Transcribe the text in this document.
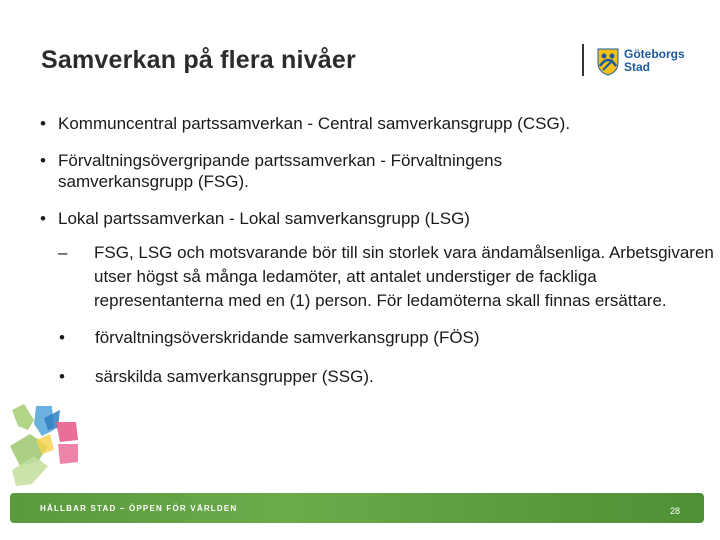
Samverkan på flera nivåer	Göteborgs
Stad
• Kommuncentral partssamverkan - Central samverkansgrupp (CSG).
• Förvaltningsövergripande partssamverkan - Förvaltningens samverkansgrupp (FSG).
• Lokal partssamverkan - Lokal samverkansgrupp (LSG)
– FSG, LSG och motsvarande bör till sin storlek vara ändamålsenliga. Arbetsgivaren utser högst så många ledamöter, att antalet understiger de fackliga representanterna med en (1) person. För ledamöterna skall finnas ersättare.
• förvaltningsöverskridande samverkansgrupp (FÖS)
• särskilda samverkansgrupper (SSG).
HÅLLBAR STAD – ÖPPEN FÖR VÄRLDEN	28
